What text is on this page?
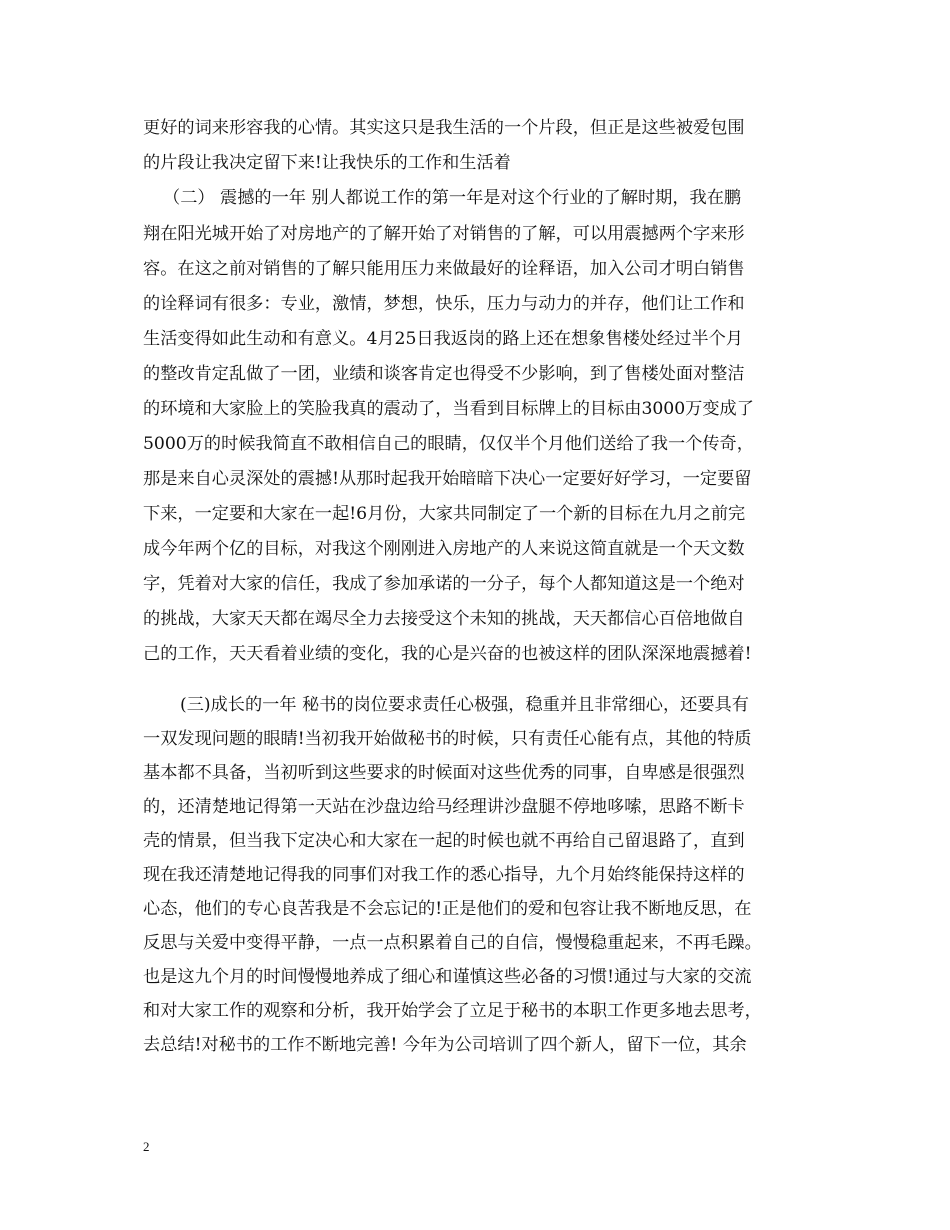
更好的词来形容我的心情。其实这只是我生活的一个片段，但正是这些被爱包围
的片段让我决定留下来!让我快乐的工作和生活着
（二） 震撼的一年 别人都说工作的第一年是对这个行业的了解时期，我在鹏
翔在阳光城开始了对房地产的了解开始了对销售的了解，可以用震撼两个字来形
容。在这之前对销售的了解只能用压力来做最好的诠释语，加入公司才明白销售
的诠释词有很多：专业，激情，梦想，快乐，压力与动力的并存，他们让工作和
生活变得如此生动和有意义。4月25日我返岗的路上还在想象售楼处经过半个月
的整改肯定乱做了一团，业绩和谈客肯定也得受不少影响，到了售楼处面对整洁
的环境和大家脸上的笑脸我真的震动了，当看到目标牌上的目标由3000万变成了
5000万的时候我简直不敢相信自己的眼睛，仅仅半个月他们送给了我一个传奇，
那是来自心灵深处的震撼!从那时起我开始暗暗下决心一定要好好学习，一定要留
下来，一定要和大家在一起!6月份，大家共同制定了一个新的目标在九月之前完
成今年两个亿的目标，对我这个刚刚进入房地产的人来说这简直就是一个天文数
字，凭着对大家的信任，我成了参加承诺的一分子，每个人都知道这是一个绝对
的挑战，大家天天都在竭尽全力去接受这个未知的挑战，天天都信心百倍地做自
己的工作，天天看着业绩的变化，我的心是兴奋的也被这样的团队深深地震撼着!
(三)成长的一年 秘书的岗位要求责任心极强，稳重并且非常细心，还要具有
一双发现问题的眼睛!当初我开始做秘书的时候，只有责任心能有点，其他的特质
基本都不具备，当初听到这些要求的时候面对这些优秀的同事，自卑感是很强烈
的，还清楚地记得第一天站在沙盘边给马经理讲沙盘腿不停地哆嗦，思路不断卡
壳的情景，但当我下定决心和大家在一起的时候也就不再给自己留退路了，直到
现在我还清楚地记得我的同事们对我工作的悉心指导，九个月始终能保持这样的
心态，他们的专心良苦我是不会忘记的!正是他们的爱和包容让我不断地反思，在
反思与关爱中变得平静，一点一点积累着自己的自信，慢慢稳重起来，不再毛躁。
也是这九个月的时间慢慢地养成了细心和谨慎这些必备的习惯!通过与大家的交流
和对大家工作的观察和分析，我开始学会了立足于秘书的本职工作更多地去思考，
去总结!对秘书的工作不断地完善! 今年为公司培训了四个新人，留下一位，其余
2
